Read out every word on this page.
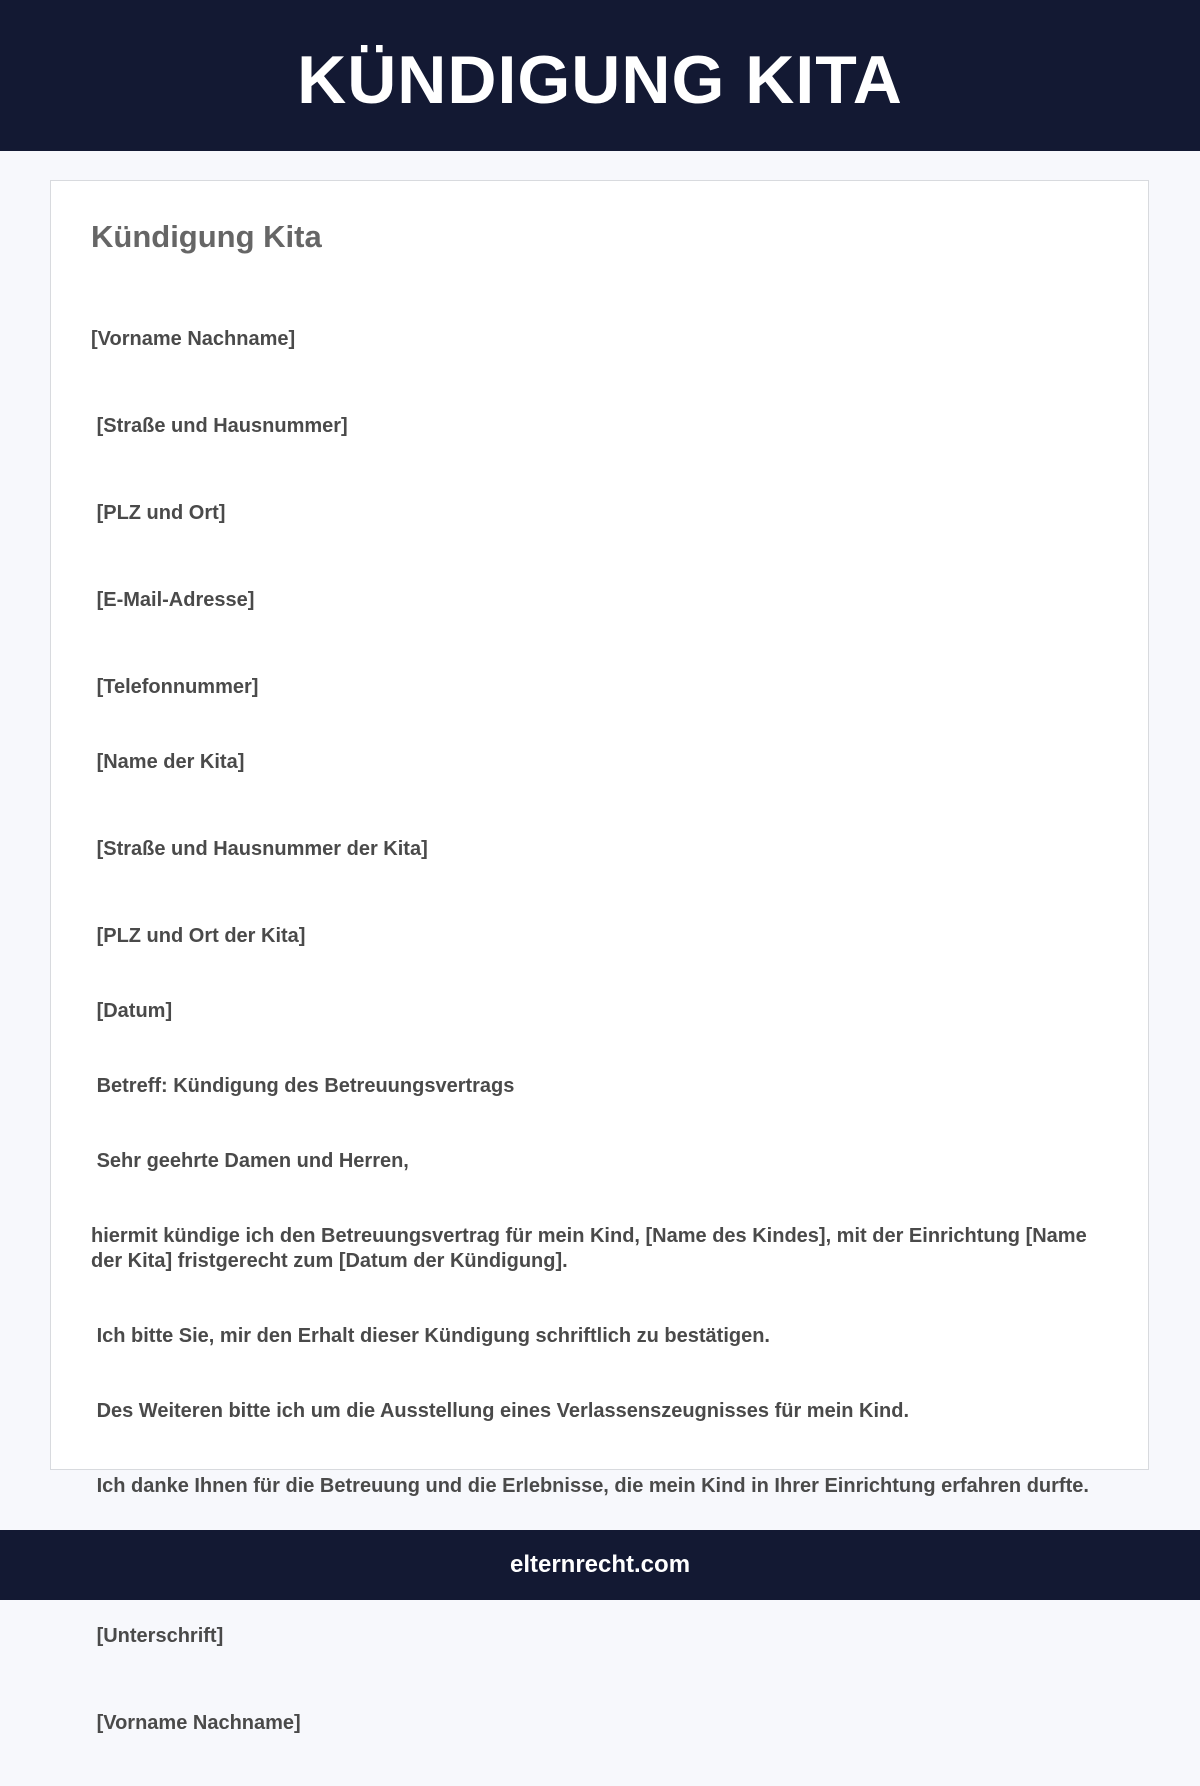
KÜNDIGUNG KITA
Kündigung Kita

[Vorname Nachname]

[Straße und Hausnummer]

[PLZ und Ort]

[E-Mail-Adresse]

[Telefonnummer]

[Name der Kita]

[Straße und Hausnummer der Kita]

[PLZ und Ort der Kita]

[Datum]

Betreff: Kündigung des Betreuungsvertrags

Sehr geehrte Damen und Herren,

hiermit kündige ich den Betreuungsvertrag für mein Kind, [Name des Kindes], mit der Einrichtung [Name der Kita] fristgerecht zum [Datum der Kündigung].

Ich bitte Sie, mir den Erhalt dieser Kündigung schriftlich zu bestätigen.

Des Weiteren bitte ich um die Ausstellung eines Verlassenszeugnisses für mein Kind.

Ich danke Ihnen für die Betreuung und die Erlebnisse, die mein Kind in Ihrer Einrichtung erfahren durfte.

[Unterschrift]

[Vorname Nachname]

elternrecht.com
